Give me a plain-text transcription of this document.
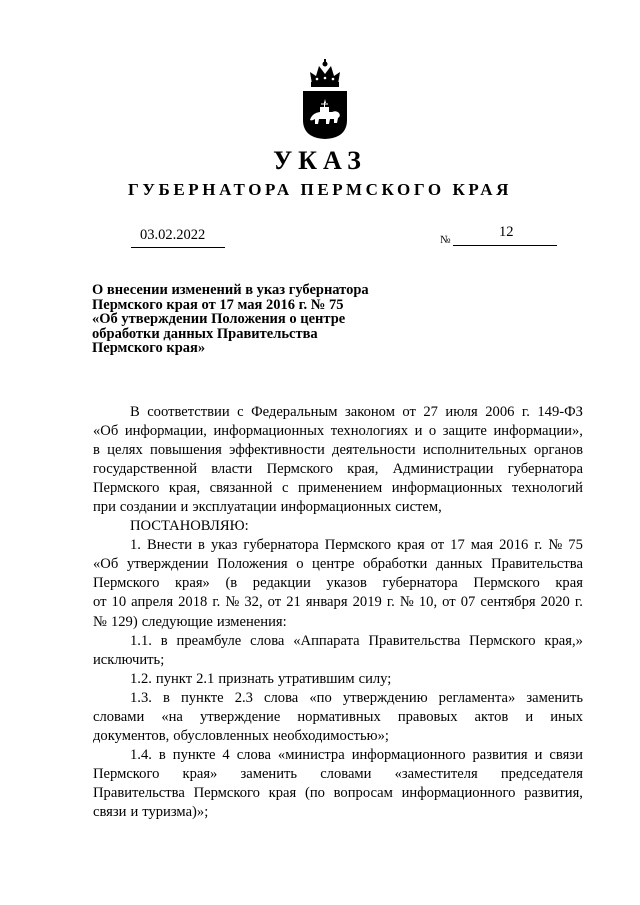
УКАЗ
ГУБЕРНАТОРА ПЕРМСКОГО КРАЯ
03.02.2022	№	12
О внесении изменений в указ губернатора
Пермского края от 17 мая 2016 г. № 75
«Об утверждении Положения о центре
обработки данных Правительства
Пермского края»
В соответствии с Федеральным законом от 27 июля 2006 г. 149-ФЗ
«Об информации, информационных технологиях и о защите информации»,
в целях повышения эффективности деятельности исполнительных органов
государственной власти Пермского края, Администрации губернатора
Пермского края, связанной с применением информационных технологий
при создании и эксплуатации информационных систем,
ПОСТАНОВЛЯЮ:
1. Внести в указ губернатора Пермского края от 17 мая 2016 г. № 75
«Об утверждении Положения о центре обработки данных Правительства
Пермского края» (в редакции указов губернатора Пермского края
от 10 апреля 2018 г. № 32, от 21 января 2019 г. № 10, от 07 сентября 2020 г.
№ 129) следующие изменения:
1.1. в преамбуле слова «Аппарата Правительства Пермского края,»
исключить;
1.2. пункт 2.1 признать утратившим силу;
1.3. в пункте 2.3 слова «по утверждению регламента» заменить
словами «на утверждение нормативных правовых актов и иных
документов, обусловленных необходимостью»;
1.4. в пункте 4 слова «министра информационного развития и связи
Пермского края» заменить словами «заместителя председателя
Правительства Пермского края (по вопросам информационного развития,
связи и туризма)»;
